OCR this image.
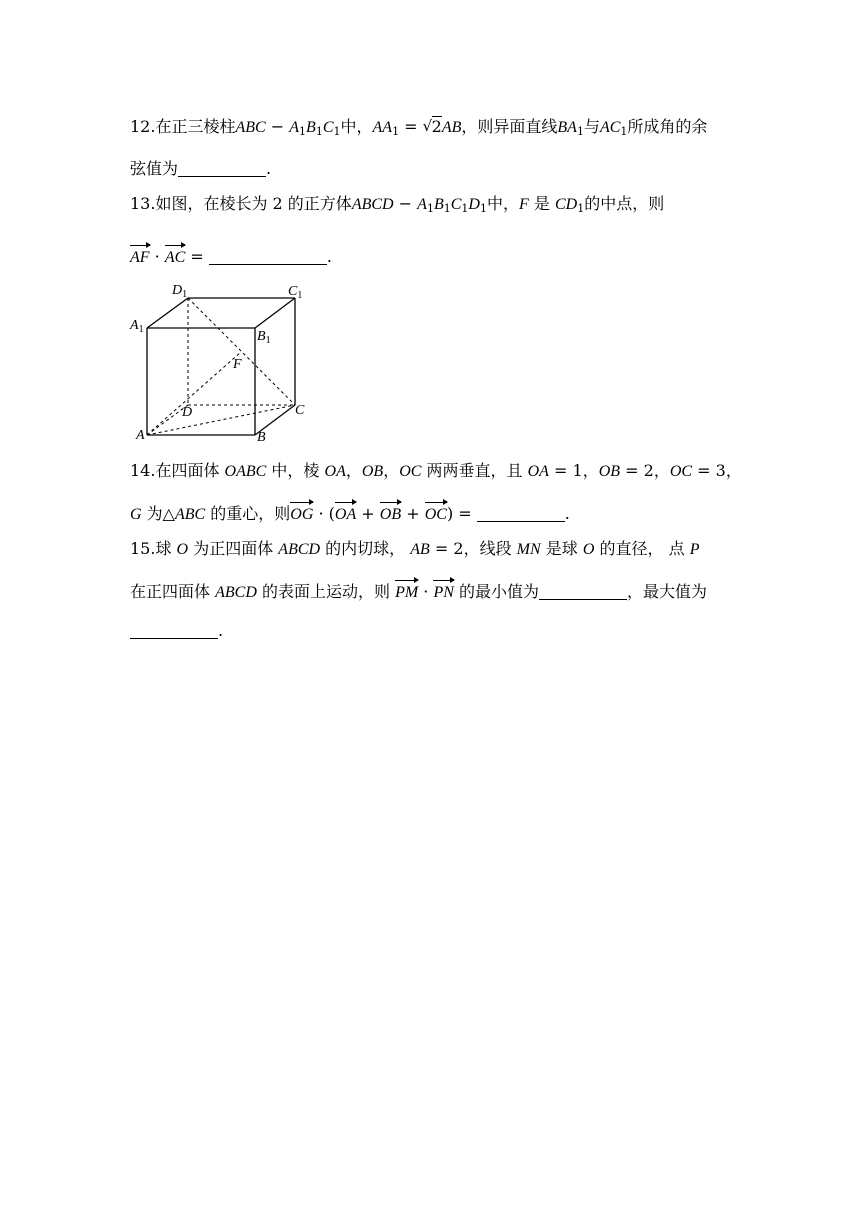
12.在正三棱柱ABC − $A_1B_1C_1$中，$AA_1$ = √ 2AB，则异面直线$BA_1$与$AC_1$所成角的余
弦值为	.
13.如图，在棱长为 2 的正方体ABCD − $A_1B_1C_1D_1$中，F 是 $CD_1$的中点，则
AF · AC =	.
$D_1$	$C_1$
$A_1$	$B_1$
F
D	C
A	B
14.在四面体 OABC 中，棱 OA，OB，OC 两两垂直，且 OA = 1，OB = 2，OC = 3，
G 为△ABC 的重心，则OG · (OA + OB + OC) =	.
15.球 O 为正四面体 ABCD 的内切球， AB = 2，线段 MN 是球 O 的直径， 点 P
在正四面体 ABCD 的表面上运动，则 PM · PN 的最小值为	，最大值为
.
